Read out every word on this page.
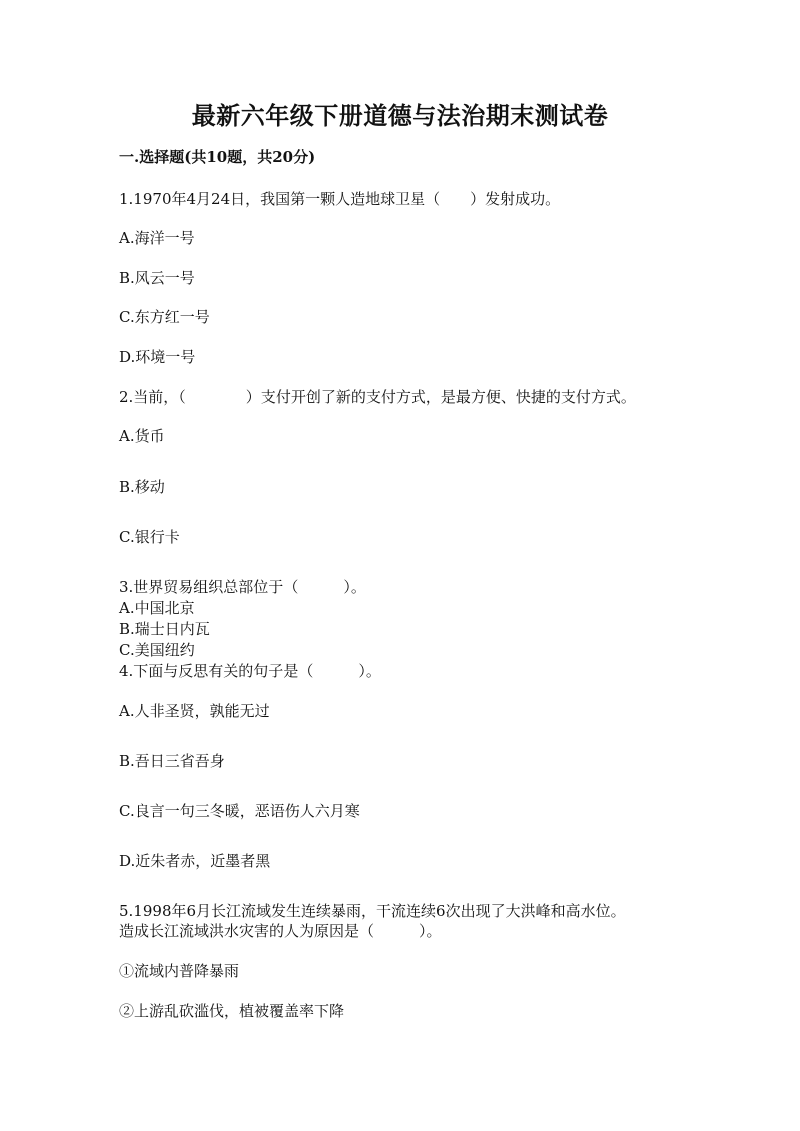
最新六年级下册道德与法治期末测试卷
一.选择题(共10题，共20分)
1.1970年4月24日，我国第一颗人造地球卫星（　　）发射成功。
A.海洋一号
B.风云一号
C.东方红一号
D.环境一号
2.当前，（　　　　）支付开创了新的支付方式，是最方便、快捷的支付方式。
A.货币
B.移动
C.银行卡
3.世界贸易组织总部位于（　　　）。
A.中国北京
B.瑞士日内瓦
C.美国纽约
4.下面与反思有关的句子是（　　　）。
A.人非圣贤，孰能无过
B.吾日三省吾身
C.良言一句三冬暖，恶语伤人六月寒
D.近朱者赤，近墨者黑
5.1998年6月长江流域发生连续暴雨，干流连续6次出现了大洪峰和高水位。
造成长江流域洪水灾害的人为原因是（　　　）。
①流域内普降暴雨
②上游乱砍滥伐，植被覆盖率下降
